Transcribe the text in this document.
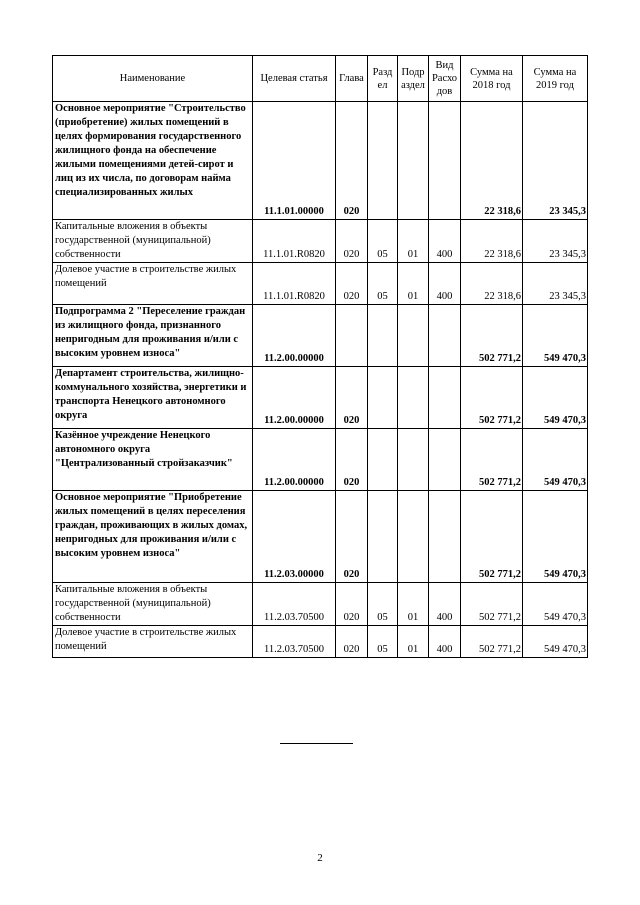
Наименование	Целевая статья	Глава	Разд ел	Подр аздел	Вид Расхо дов	Сумма на 2018 год	Сумма на 2019 год
Основное мероприятие "Строительство (приобретение) жилых помещений в целях формирования государственного жилищного фонда на обеспечение жилыми помещениями детей-сирот и лиц из их числа, по договорам найма специализированных жилых	11.1.01.00000	020				22 318,6	23 345,3
Капитальные вложения в объекты государственной (муниципальной) собственности	11.1.01.R0820	020	05	01	400	22 318,6	23 345,3
Долевое участие в строительстве жилых помещений	11.1.01.R0820	020	05	01	400	22 318,6	23 345,3
Подпрограмма 2 "Переселение граждан из жилищного фонда, признанного непригодным для проживания и/или с высоким уровнем износа"	11.2.00.00000					502 771,2	549 470,3
Департамент строительства, жилищно-коммунального хозяйства, энергетики и транспорта Ненецкого автономного округа	11.2.00.00000	020				502 771,2	549 470,3
Казённое учреждение Ненецкого автономного округа "Централизованный стройзаказчик"	11.2.00.00000	020				502 771,2	549 470,3
Основное мероприятие "Приобретение жилых помещений в целях переселения граждан, проживающих в жилых домах, непригодных для проживания и/или с высоким уровнем износа"	11.2.03.00000	020				502 771,2	549 470,3
Капитальные вложения в объекты государственной (муниципальной) собственности	11.2.03.70500	020	05	01	400	502 771,2	549 470,3
Долевое участие в строительстве жилых помещений	11.2.03.70500	020	05	01	400	502 771,2	549 470,3
2
